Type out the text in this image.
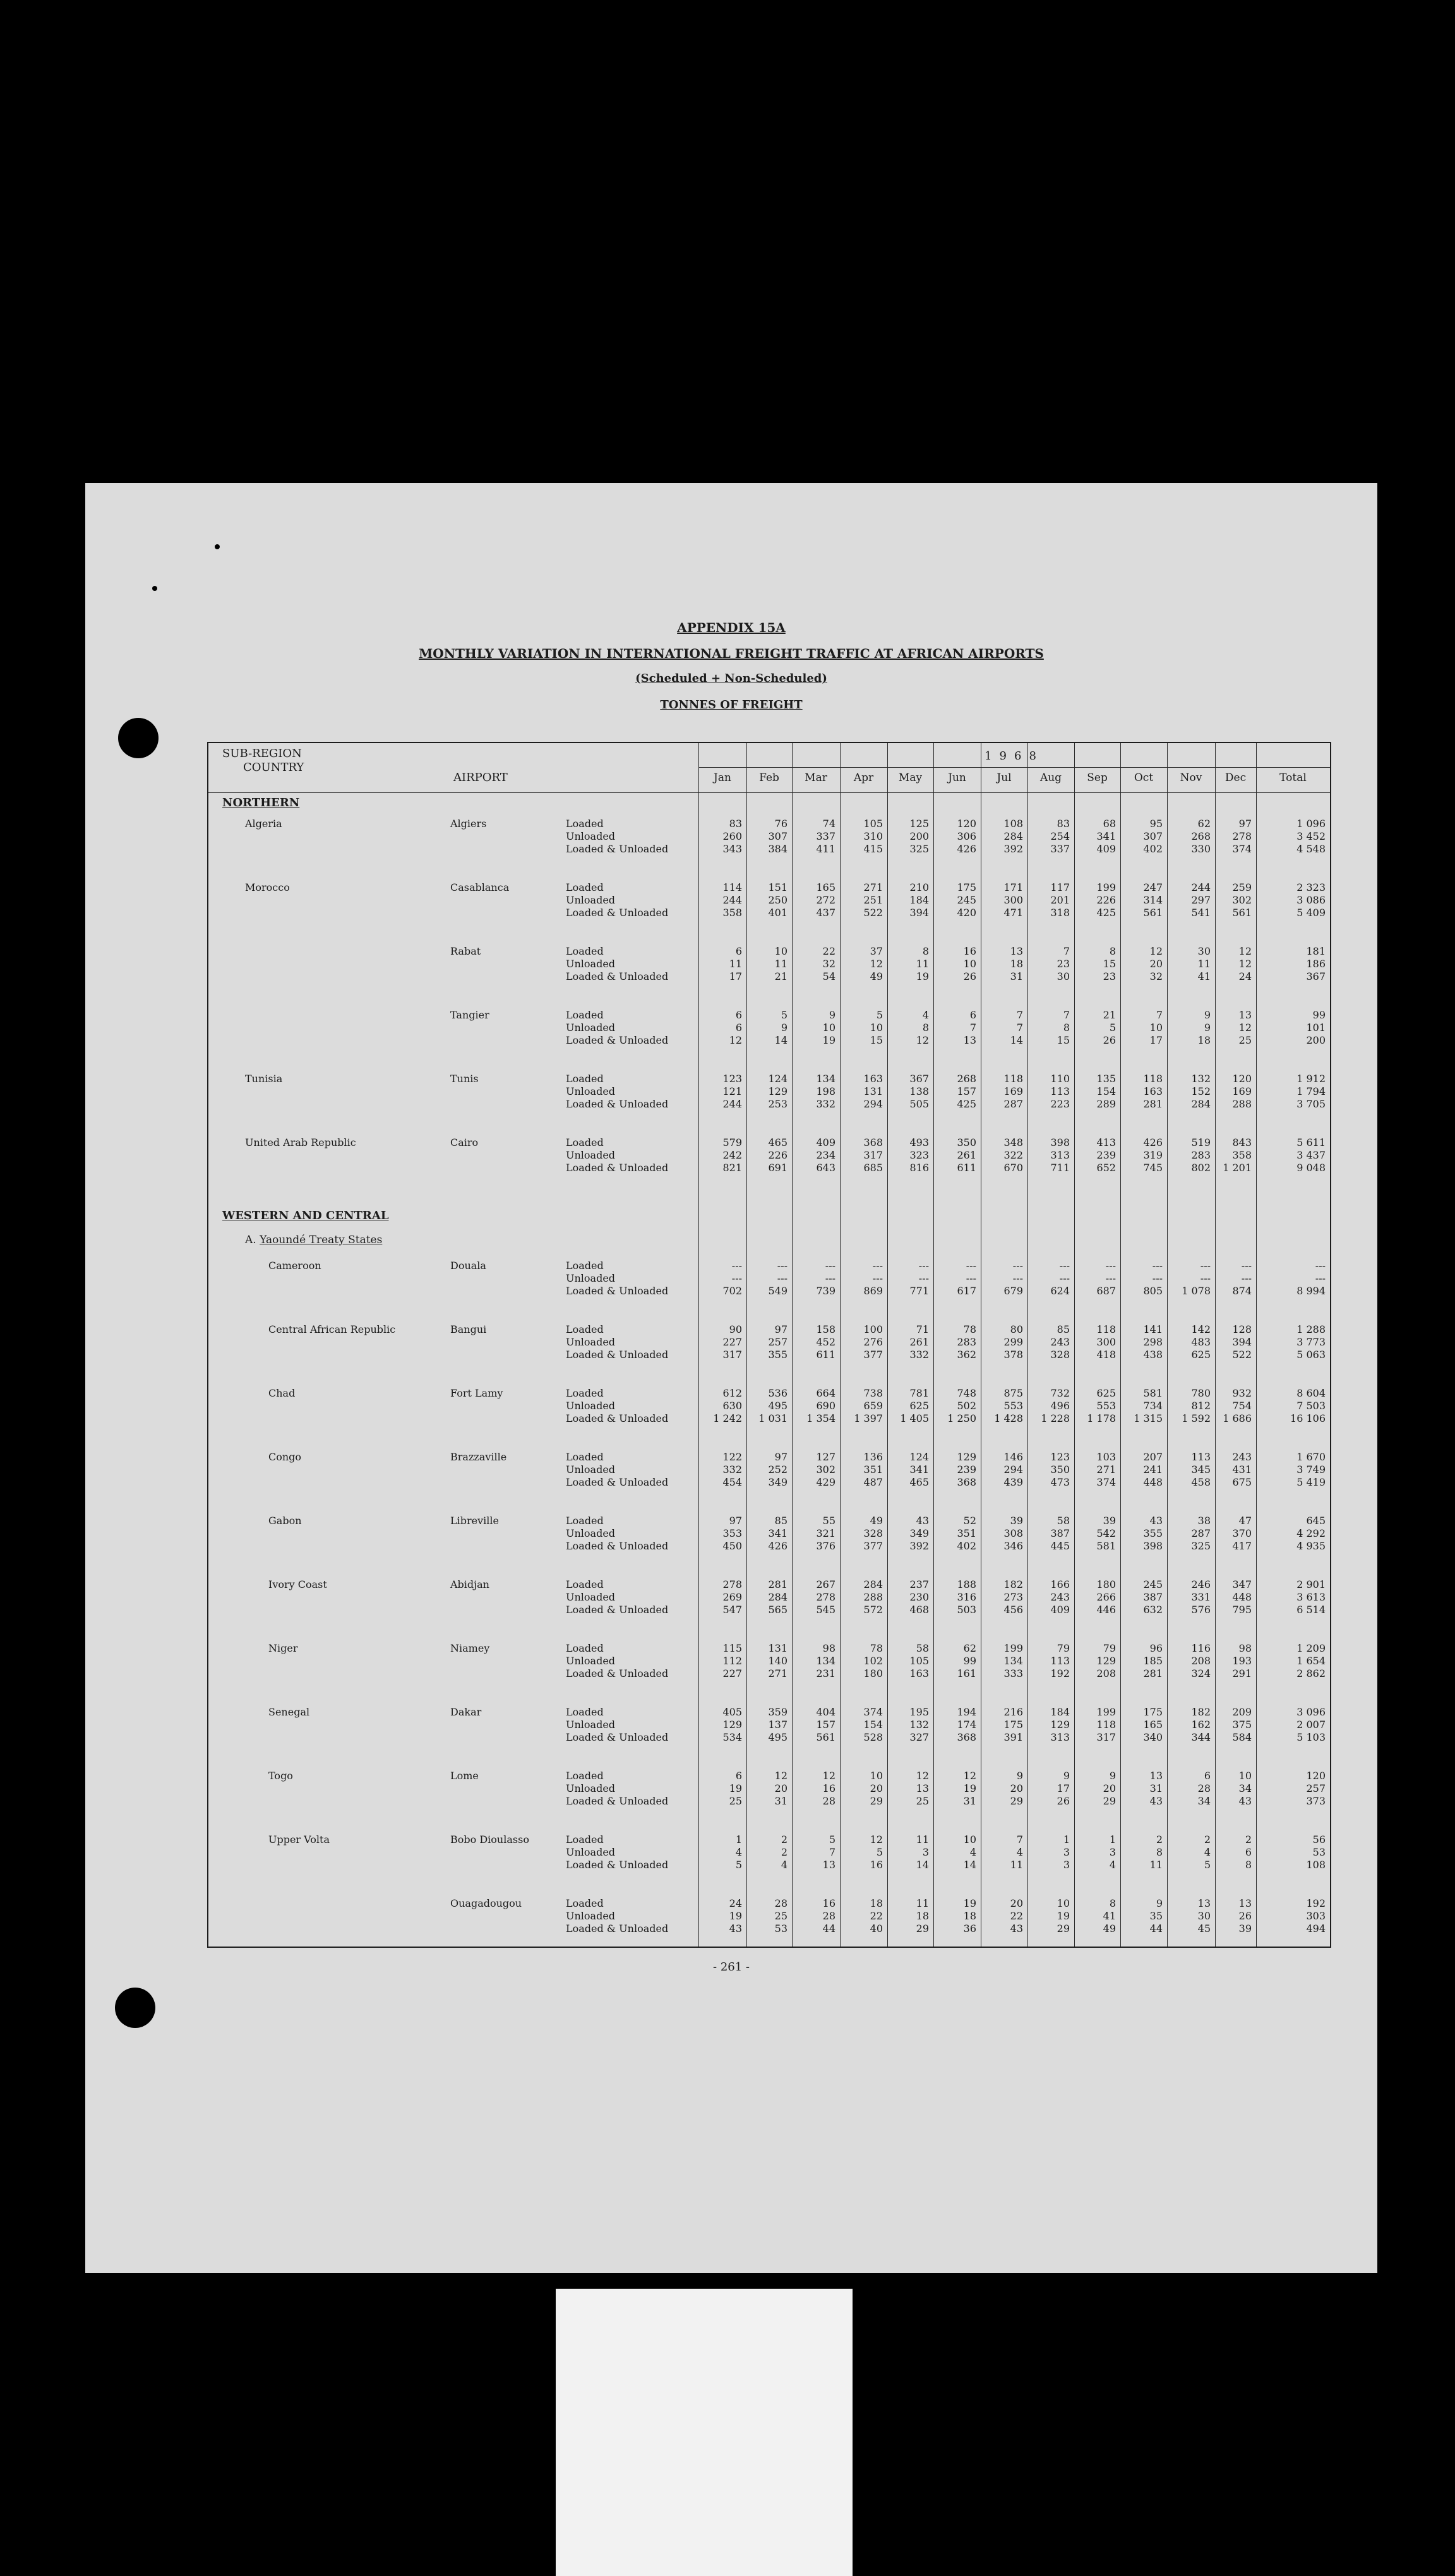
APPENDIX 15A
MONTHLY VARIATION IN INTERNATIONAL FREIGHT TRAFFIC AT AFRICAN AIRPORTS
(Scheduled + Non-Scheduled)
TONNES OF FREIGHT
SUB-REGION
COUNTRY
AIRPORT
1968
Jan	Feb	Mar	Apr	May	Jun	Jul	Aug	Sep	Oct	Nov	Dec	Total
NORTHERN
Algeria	Algiers	Loaded	83	76	74	105	125	120	108	83	68	95	62	97	1 096
Unloaded	260	307	337	310	200	306	284	254	341	307	268	278	3 452
Loaded & Unloaded	343	384	411	415	325	426	392	337	409	402	330	374	4 548
Morocco	Casablanca	Loaded	114	151	165	271	210	175	171	117	199	247	244	259	2 323
Unloaded	244	250	272	251	184	245	300	201	226	314	297	302	3 086
Loaded & Unloaded	358	401	437	522	394	420	471	318	425	561	541	561	5 409
Rabat	Loaded	6	10	22	37	8	16	13	7	8	12	30	12	181
Unloaded	11	11	32	12	11	10	18	23	15	20	11	12	186
Loaded & Unloaded	17	21	54	49	19	26	31	30	23	32	41	24	367
Tangier	Loaded	6	5	9	5	4	6	7	7	21	7	9	13	99
Unloaded	6	9	10	10	8	7	7	8	5	10	9	12	101
Loaded & Unloaded	12	14	19	15	12	13	14	15	26	17	18	25	200
Tunisia	Tunis	Loaded	123	124	134	163	367	268	118	110	135	118	132	120	1 912
Unloaded	121	129	198	131	138	157	169	113	154	163	152	169	1 794
Loaded & Unloaded	244	253	332	294	505	425	287	223	289	281	284	288	3 705
United Arab Republic	Cairo	Loaded	579	465	409	368	493	350	348	398	413	426	519	843	5 611
Unloaded	242	226	234	317	323	261	322	313	239	319	283	358	3 437
Loaded & Unloaded	821	691	643	685	816	611	670	711	652	745	802	1 201	9 048
WESTERN AND CENTRAL
A. Yaoundé Treaty States
Cameroon	Douala	Loaded	---	---	---	---	---	---	---	---	---	---	---	---	---
Unloaded	---	---	---	---	---	---	---	---	---	---	---	---	---
Loaded & Unloaded	702	549	739	869	771	617	679	624	687	805	1 078	874	8 994
Central African Republic	Bangui	Loaded	90	97	158	100	71	78	80	85	118	141	142	128	1 288
Unloaded	227	257	452	276	261	283	299	243	300	298	483	394	3 773
Loaded & Unloaded	317	355	611	377	332	362	378	328	418	438	625	522	5 063
Chad	Fort Lamy	Loaded	612	536	664	738	781	748	875	732	625	581	780	932	8 604
Unloaded	630	495	690	659	625	502	553	496	553	734	812	754	7 503
Loaded & Unloaded	1 242	1 031	1 354	1 397	1 405	1 250	1 428	1 228	1 178	1 315	1 592	1 686	16 106
Congo	Brazzaville	Loaded	122	97	127	136	124	129	146	123	103	207	113	243	1 670
Unloaded	332	252	302	351	341	239	294	350	271	241	345	431	3 749
Loaded & Unloaded	454	349	429	487	465	368	439	473	374	448	458	675	5 419
Gabon	Libreville	Loaded	97	85	55	49	43	52	39	58	39	43	38	47	645
Unloaded	353	341	321	328	349	351	308	387	542	355	287	370	4 292
Loaded & Unloaded	450	426	376	377	392	402	346	445	581	398	325	417	4 935
Ivory Coast	Abidjan	Loaded	278	281	267	284	237	188	182	166	180	245	246	347	2 901
Unloaded	269	284	278	288	230	316	273	243	266	387	331	448	3 613
Loaded & Unloaded	547	565	545	572	468	503	456	409	446	632	576	795	6 514
Niger	Niamey	Loaded	115	131	98	78	58	62	199	79	79	96	116	98	1 209
Unloaded	112	140	134	102	105	99	134	113	129	185	208	193	1 654
Loaded & Unloaded	227	271	231	180	163	161	333	192	208	281	324	291	2 862
Senegal	Dakar	Loaded	405	359	404	374	195	194	216	184	199	175	182	209	3 096
Unloaded	129	137	157	154	132	174	175	129	118	165	162	375	2 007
Loaded & Unloaded	534	495	561	528	327	368	391	313	317	340	344	584	5 103
Togo	Lome	Loaded	6	12	12	10	12	12	9	9	9	13	6	10	120
Unloaded	19	20	16	20	13	19	20	17	20	31	28	34	257
Loaded & Unloaded	25	31	28	29	25	31	29	26	29	43	34	43	373
Upper Volta	Bobo Dioulasso	Loaded	1	2	5	12	11	10	7	1	1	2	2	2	56
Unloaded	4	2	7	5	3	4	4	3	3	8	4	6	53
Loaded & Unloaded	5	4	13	16	14	14	11	3	4	11	5	8	108
Ouagadougou	Loaded	24	28	16	18	11	19	20	10	8	9	13	13	192
Unloaded	19	25	28	22	18	18	22	19	41	35	30	26	303
Loaded & Unloaded	43	53	44	40	29	36	43	29	49	44	45	39	494
- 261 -
